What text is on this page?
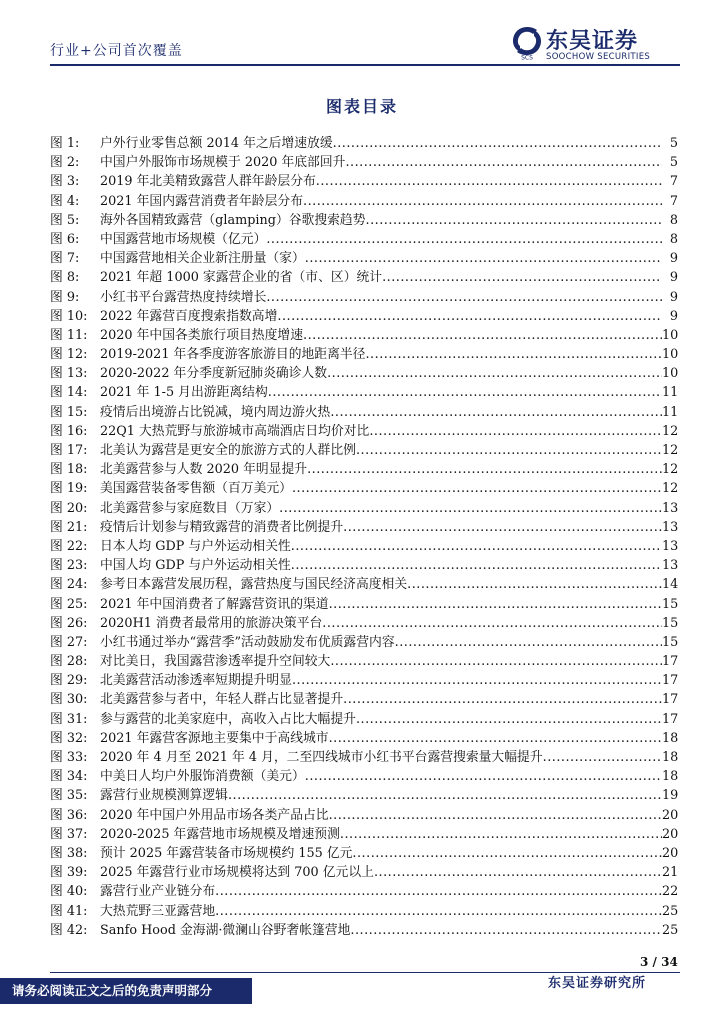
行业+公司首次覆盖	SCS
东吴证券
SOOCHOW SECURITIES
图表目录
图 1:	户外行业零售总额 2014 年之后增速放缓 .....	5
图 2:	中国户外服饰市场规模于 2020 年底部回升 .....	5
图 3:	2019 年北美精致露营人群年龄层分布 .....	7
图 4:	2021 年国内露营消费者年龄层分布 .....	7
图 5:	海外各国精致露营（glamping）谷歌搜索趋势 .....	8
图 6:	中国露营地市场规模（亿元） .....	8
图 7:	中国露营地相关企业新注册量（家） .....	9
图 8:	2021 年超 1000 家露营企业的省（市、区）统计 .....	9
图 9:	小红书平台露营热度持续增长 .....	9
图 10: 2022 年露营百度搜索指数高增 .....	9
图 11: 2020 年中国各类旅行项目热度增速 .....	10
图 12: 2019-2021 年各季度游客旅游目的地距离半径 .....	10
图 13: 2020-2022 年分季度新冠肺炎确诊人数 .....	10
图 14: 2021 年 1-5 月出游距离结构 .....	11
图 15: 疫情后出境游占比锐减，境内周边游火热 .....	11
图 16: 22Q1 大热荒野与旅游城市高端酒店日均价对比 .....	12
图 17: 北美认为露营是更安全的旅游方式的人群比例 .....	12
图 18: 北美露营参与人数 2020 年明显提升 .....	12
图 19: 美国露营装备零售额（百万美元） .....	12
图 20: 北美露营参与家庭数目（万家） .....	13
图 21: 疫情后计划参与精致露营的消费者比例提升 .....	13
图 22: 日本人均 GDP 与户外运动相关性 .....	13
图 23: 中国人均 GDP 与户外运动相关性 .....	13
图 24: 参考日本露营发展历程，露营热度与国民经济高度相关 .....	14
图 25: 2021 年中国消费者了解露营资讯的渠道 .....	15
图 26: 2020H1 消费者最常用的旅游决策平台 .....	15
图 27: 小红书通过举办“露营季”活动鼓励发布优质露营内容 .....	15
图 28: 对比美日，我国露营渗透率提升空间较大 .....	17
图 29: 北美露营活动渗透率短期提升明显 .....	17
图 30: 北美露营参与者中，年轻人群占比显著提升 .....	17
图 31: 参与露营的北美家庭中，高收入占比大幅提升 .....	17
图 32: 2021 年露营客源地主要集中于高线城市 .....	18
图 33: 2020 年 4 月至 2021 年 4 月，二至四线城市小红书平台露营搜索量大幅提升 .....	18
图 34: 中美日人均户外服饰消费额（美元） .....	18
图 35: 露营行业规模测算逻辑 .....	19
图 36: 2020 年中国户外用品市场各类产品占比 .....	20
图 37: 2020-2025 年露营地市场规模及增速预测 .....	20
图 38: 预计 2025 年露营装备市场规模约 155 亿元 .....	20
图 39: 2025 年露营行业市场规模将达到 700 亿元以上 .....	21
图 40: 露营行业产业链分布 .....	22
图 41: 大热荒野三亚露营地 .....	25
图 42: Sanfo Hood 金海湖·微澜山谷野奢帐篷营地 .....	25
3 / 34
请务必阅读正文之后的免责声明部分	东吴证券研究所
